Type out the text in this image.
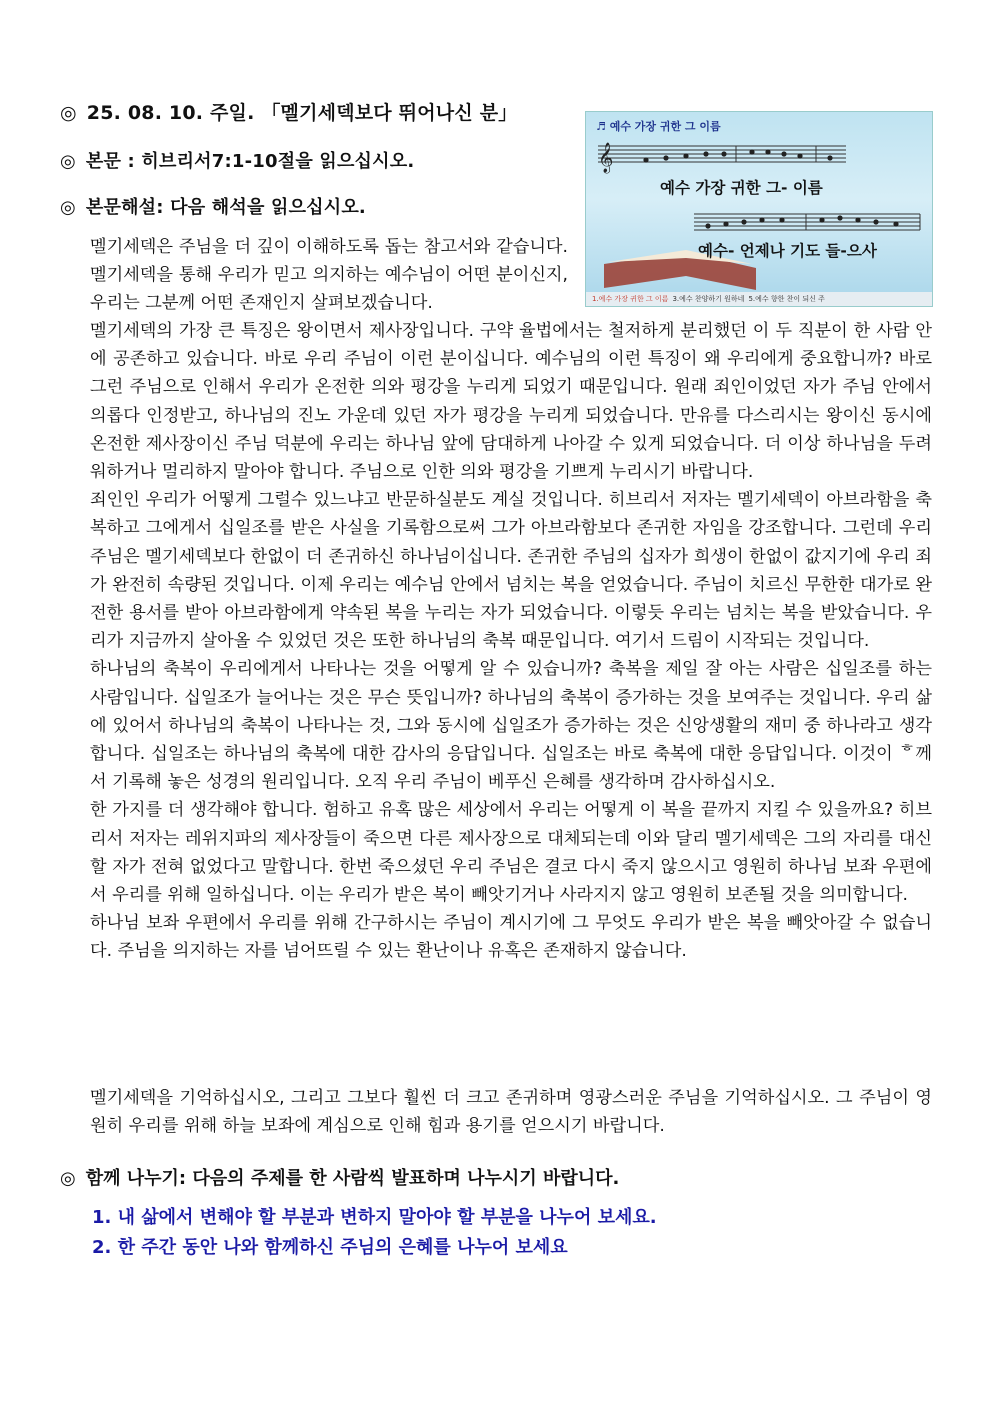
◎ 25. 08. 10. 주일. 「멜기세덱보다 뛰어나신 분」
◎ 본문 : 히브리서7:1-10절을 읽으십시오.
◎ 본문해설: 다음 해석을 읽으십시오.
♬ 예수 가장 귀한 그 이름
𝄞
예수 가장 귀한 그- 이름
예수- 언제나 기도 들-으사
1.예수 가장 귀한 그 이름 3.예수 찬양하기 원하네 5.예수 향한 찬이 되신 주
멜기세덱은 주님을 더 깊이 이해하도록 돕는 참고서와 같습니다. 멜기세덱을 통해 우리가 믿고 의지하는 예수님이 어떤 분이신지, 우리는 그분께 어떤 존재인지 살펴보겠습니다.
멜기세덱의 가장 큰 특징은 왕이면서 제사장입니다. 구약 율법에서는 철저하게 분리했던 이 두 직분이 한 사람 안에 공존하고 있습니다. 바로 우리 주님이 이런 분이십니다. 예수님의 이런 특징이 왜 우리에게 중요합니까? 바로 그런 주님으로 인해서 우리가 온전한 의와 평강을 누리게 되었기 때문입니다. 원래 죄인이었던 자가 주님 안에서 의롭다 인정받고, 하나님의 진노 가운데 있던 자가 평강을 누리게 되었습니다. 만유를 다스리시는 왕이신 동시에 온전한 제사장이신 주님 덕분에 우리는 하나님 앞에 담대하게 나아갈 수 있게 되었습니다. 더 이상 하나님을 두려워하거나 멀리하지 말아야 합니다. 주님으로 인한 의와 평강을 기쁘게 누리시기 바랍니다.
죄인인 우리가 어떻게 그럴수 있느냐고 반문하실분도 계실 것입니다. 히브리서 저자는 멜기세덱이 아브라함을 축복하고 그에게서 십일조를 받은 사실을 기록함으로써 그가 아브라함보다 존귀한 자임을 강조합니다. 그런데 우리 주님은 멜기세덱보다 한없이 더 존귀하신 하나님이십니다. 존귀한 주님의 십자가 희생이 한없이 값지기에 우리 죄가 완전히 속량된 것입니다. 이제 우리는 예수님 안에서 넘치는 복을 얻었습니다. 주님이 치르신 무한한 대가로 완전한 용서를 받아 아브라함에게 약속된 복을 누리는 자가 되었습니다. 이렇듯 우리는 넘치는 복을 받았습니다. 우리가 지금까지 살아올 수 있었던 것은 또한 하나님의 축복 때문입니다. 여기서 드림이 시작되는 것입니다.
하나님의 축복이 우리에게서 나타나는 것을 어떻게 알 수 있습니까? 축복을 제일 잘 아는 사람은 십일조를 하는 사람입니다. 십일조가 늘어나는 것은 무슨 뜻입니까? 하나님의 축복이 증가하는 것을 보여주는 것입니다. 우리 삶에 있어서 하나님의 축복이 나타나는 것, 그와 동시에 십일조가 증가하는 것은 신앙생활의 재미 중 하나라고 생각합니다. 십일조는 하나님의 축복에 대한 감사의 응답입니다. 십일조는 바로 축복에 대한 응답입니다. 이것이 ᄒ께서 기록해 놓은 성경의 원리입니다. 오직 우리 주님이 베푸신 은혜를 생각하며 감사하십시오.
한 가지를 더 생각해야 합니다. 험하고 유혹 많은 세상에서 우리는 어떻게 이 복을 끝까지 지킬 수 있을까요? 히브리서 저자는 레위지파의 제사장들이 죽으면 다른 제사장으로 대체되는데 이와 달리 멜기세덱은 그의 자리를 대신할 자가 전혀 없었다고 말합니다. 한번 죽으셨던 우리 주님은 결코 다시 죽지 않으시고 영원히 하나님 보좌 우편에서 우리를 위해 일하십니다. 이는 우리가 받은 복이 빼앗기거나 사라지지 않고 영원히 보존될 것을 의미합니다.
하나님 보좌 우편에서 우리를 위해 간구하시는 주님이 계시기에 그 무엇도 우리가 받은 복을 빼앗아갈 수 없습니다. 주님을 의지하는 자를 넘어뜨릴 수 있는 환난이나 유혹은 존재하지 않습니다.
멜기세덱을 기억하십시오, 그리고 그보다 훨씬 더 크고 존귀하며 영광스러운 주님을 기억하십시오. 그 주님이 영원히 우리를 위해 하늘 보좌에 계심으로 인해 힘과 용기를 얻으시기 바랍니다.
◎ 함께 나누기: 다음의 주제를 한 사람씩 발표하며 나누시기 바랍니다.
1. 내 삶에서 변해야 할 부분과 변하지 말아야 할 부분을 나누어 보세요.
2. 한 주간 동안 나와 함께하신 주님의 은혜를 나누어 보세요
